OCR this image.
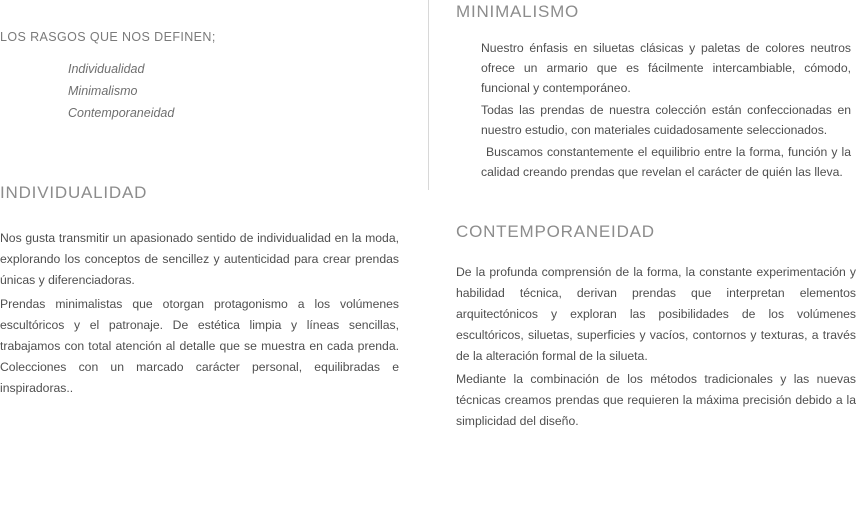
LOS RASGOS QUE NOS DEFINEN;

Individualidad
Minimalismo
Contemporaneidad
INDIVIDUALIDAD

Nos gusta transmitir un apasionado sentido de individualidad en la moda, explorando los conceptos de sencillez y autenticidad para crear prendas únicas y diferenciadoras.

Prendas minimalistas que otorgan protagonismo a los volúmenes escultóricos y el patronaje. De estética limpia y líneas sencillas, trabajamos con total atención al detalle que se muestra en cada prenda. Colecciones con un marcado carácter personal, equilibradas e inspiradoras..

MINIMALISMO

Nuestro énfasis en siluetas clásicas y paletas de colores neutros ofrece un armario que es fácilmente intercambiable, cómodo, funcional y contemporáneo.

Todas las prendas de nuestra colección están confeccionadas en nuestro estudio, con materiales cuidadosamente seleccionados.

Buscamos constantemente el equilibrio entre la forma, función y la calidad creando prendas que revelan el carácter de quién las lleva.

CONTEMPORANEIDAD

De la profunda comprensión de la forma, la constante experimentación y habilidad técnica, derivan prendas que interpretan elementos arquitectónicos y exploran las posibilidades de los volúmenes escultóricos, siluetas, superficies y vacíos, contornos y texturas, a través de la alteración formal de la silueta.

Mediante la combinación de los métodos tradicionales y las nuevas técnicas creamos prendas que requieren la máxima precisión debido a la simplicidad del diseño.
